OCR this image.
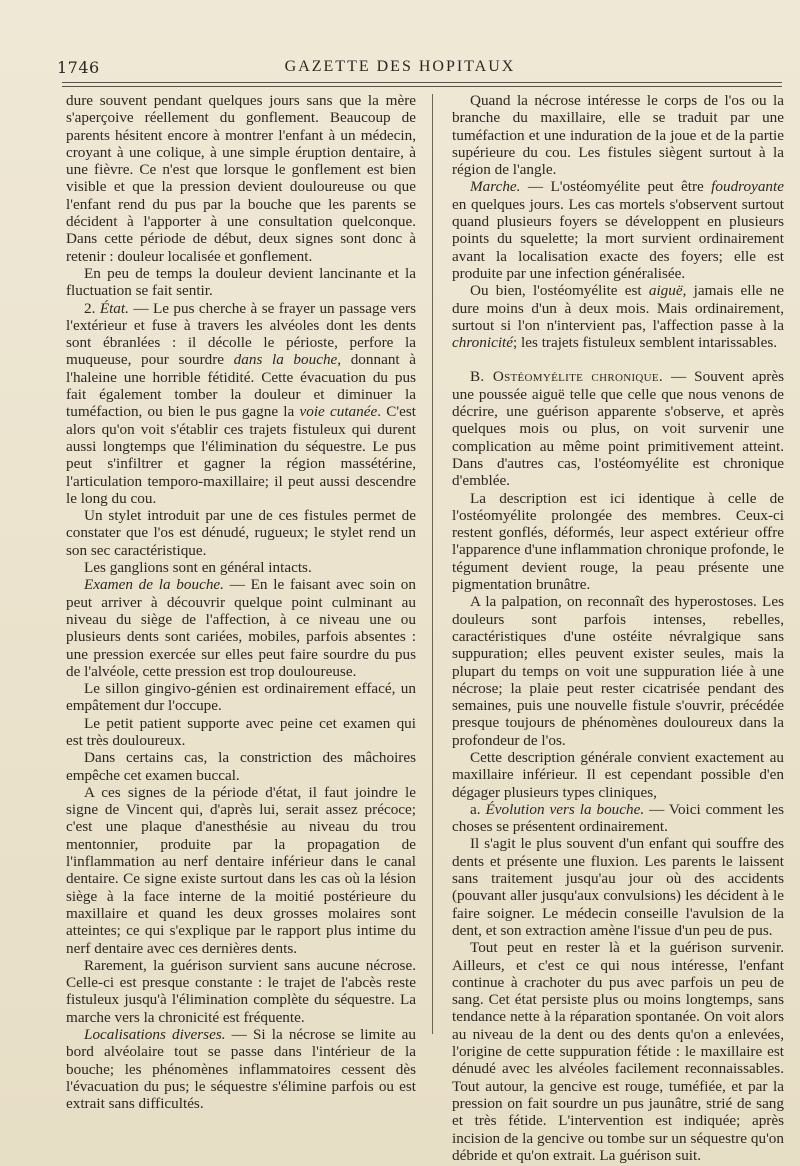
1746	GAZETTE DES HOPITAUX

dure souvent pendant quelques jours sans que la mère s'aperçoive réellement du gonflement. Beaucoup de parents hésitent encore à montrer l'enfant à un médecin, croyant à une colique, à une simple éruption dentaire, à une fièvre. Ce n'est que lorsque le gonflement est bien visible et que la pression devient douloureuse ou que l'enfant rend du pus par la bouche que les parents se décident à l'apporter à une consultation quelconque. Dans cette période de début, deux signes sont donc à retenir : douleur localisée et gonflement.

En peu de temps la douleur devient lancinante et la fluctuation se fait sentir.

2. État. — Le pus cherche à se frayer un passage vers l'extérieur et fuse à travers les alvéoles dont les dents sont ébranlées : il décolle le périoste, perfore la muqueuse, pour sourdre dans la bouche, donnant à l'haleine une horrible fétidité. Cette évacuation du pus fait également tomber la douleur et diminuer la tuméfaction, ou bien le pus gagne la voie cutanée. C'est alors qu'on voit s'établir ces trajets fistuleux qui durent aussi longtemps que l'élimination du séquestre. Le pus peut s'infiltrer et gagner la région massétérine, l'articulation temporo-maxillaire; il peut aussi descendre le long du cou.

Un stylet introduit par une de ces fistules permet de constater que l'os est dénudé, rugueux; le stylet rend un son sec caractéristique.

Les ganglions sont en général intacts.

Examen de la bouche. — En le faisant avec soin on peut arriver à découvrir quelque point culminant au niveau du siège de l'affection, à ce niveau une ou plusieurs dents sont cariées, mobiles, parfois absentes : une pression exercée sur elles peut faire sourdre du pus de l'alvéole, cette pression est trop douloureuse.

Le sillon gingivo-génien est ordinairement effacé, un empâtement dur l'occupe.

Le petit patient supporte avec peine cet examen qui est très douloureux.

Dans certains cas, la constriction des mâchoires empêche cet examen buccal.

A ces signes de la période d'état, il faut joindre le signe de Vincent qui, d'après lui, serait assez précoce; c'est une plaque d'anesthésie au niveau du trou mentonnier, produite par la propagation de l'inflammation au nerf dentaire inférieur dans le canal dentaire. Ce signe existe surtout dans les cas où la lésion siège à la face interne de la moitié postérieure du maxillaire et quand les deux grosses molaires sont atteintes; ce qui s'explique par le rapport plus intime du nerf dentaire avec ces dernières dents.

Rarement, la guérison survient sans aucune nécrose. Celle-ci est presque constante : le trajet de l'abcès reste fistuleux jusqu'à l'élimination complète du séquestre. La marche vers la chronicité est fréquente.

Localisations diverses. — Si la nécrose se limite au bord alvéolaire tout se passe dans l'intérieur de la bouche; les phénomènes inflammatoires cessent dès l'évacuation du pus; le séquestre s'élimine parfois ou est extrait sans difficultés.

Quand la nécrose intéresse le corps de l'os ou la branche du maxillaire, elle se traduit par une tuméfaction et une induration de la joue et de la partie supérieure du cou. Les fistules siègent surtout à la région de l'angle.

Marche. — L'ostéomyélite peut être foudroyante en quelques jours. Les cas mortels s'observent surtout quand plusieurs foyers se développent en plusieurs points du squelette; la mort survient ordinairement avant la localisation exacte des foyers; elle est produite par une infection généralisée.

Ou bien, l'ostéomyélite est aiguë, jamais elle ne dure moins d'un à deux mois. Mais ordinairement, surtout si l'on n'intervient pas, l'affection passe à la chronicité; les trajets fistuleux semblent intarissables.

B. Ostéomyélite chronique. — Souvent après une poussée aiguë telle que celle que nous venons de décrire, une guérison apparente s'observe, et après quelques mois ou plus, on voit survenir une complication au même point primitivement atteint. Dans d'autres cas, l'ostéomyélite est chronique d'emblée.

La description est ici identique à celle de l'ostéomyélite prolongée des membres. Ceux-ci restent gonflés, déformés, leur aspect extérieur offre l'apparence d'une inflammation chronique profonde, le tégument devient rouge, la peau présente une pigmentation brunâtre.

A la palpation, on reconnaît des hyperostoses. Les douleurs sont parfois intenses, rebelles, caractéristiques d'une ostéite névralgique sans suppuration; elles peuvent exister seules, mais la plupart du temps on voit une suppuration liée à une nécrose; la plaie peut rester cicatrisée pendant des semaines, puis une nouvelle fistule s'ouvrir, précédée presque toujours de phénomènes douloureux dans la profondeur de l'os.

Cette description générale convient exactement au maxillaire inférieur. Il est cependant possible d'en dégager plusieurs types cliniques,

a. Évolution vers la bouche. — Voici comment les choses se présentent ordinairement.

Il s'agit le plus souvent d'un enfant qui souffre des dents et présente une fluxion. Les parents le laissent sans traitement jusqu'au jour où des accidents (pouvant aller jusqu'aux convulsions) les décident à le faire soigner. Le médecin conseille l'avulsion de la dent, et son extraction amène l'issue d'un peu de pus.

Tout peut en rester là et la guérison survenir. Ailleurs, et c'est ce qui nous intéresse, l'enfant continue à crachoter du pus avec parfois un peu de sang. Cet état persiste plus ou moins longtemps, sans tendance nette à la réparation spontanée. On voit alors au niveau de la dent ou des dents qu'on a enlevées, l'origine de cette suppuration fétide : le maxillaire est dénudé avec les alvéoles facilement reconnaissables. Tout autour, la gencive est rouge, tuméfiée, et par la pression on fait sourdre un pus jaunâtre, strié de sang et très fétide. L'intervention est indiquée; après incision de la gencive ou tombe sur un séquestre qu'on débride et qu'on extrait. La guérison suit.
